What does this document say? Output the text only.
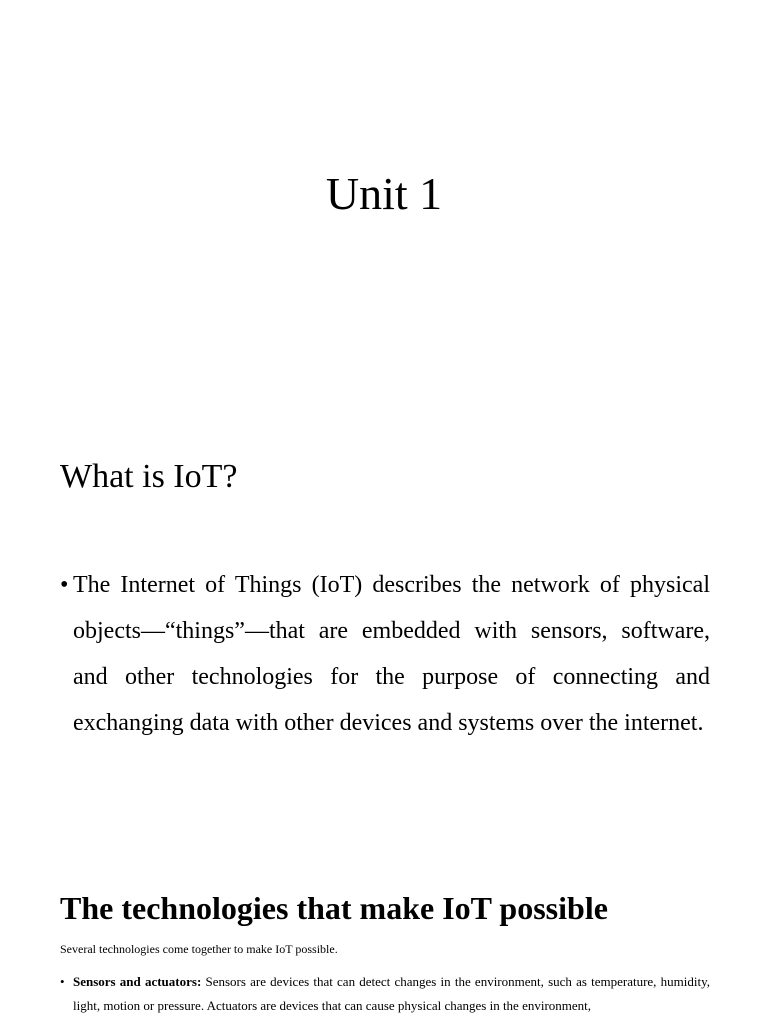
Unit 1
What is IoT?
• The Internet of Things (IoT) describes the network of physical objects—“things”—that are embedded with sensors, software, and other technologies for the purpose of connecting and exchanging data with other devices and systems over the internet.

The technologies that make IoT possible

Several technologies come together to make IoT possible.

• Sensors and actuators: Sensors are devices that can detect changes in the environment, such as temperature, humidity, light, motion or pressure. Actuators are devices that can cause physical changes in the environment,
